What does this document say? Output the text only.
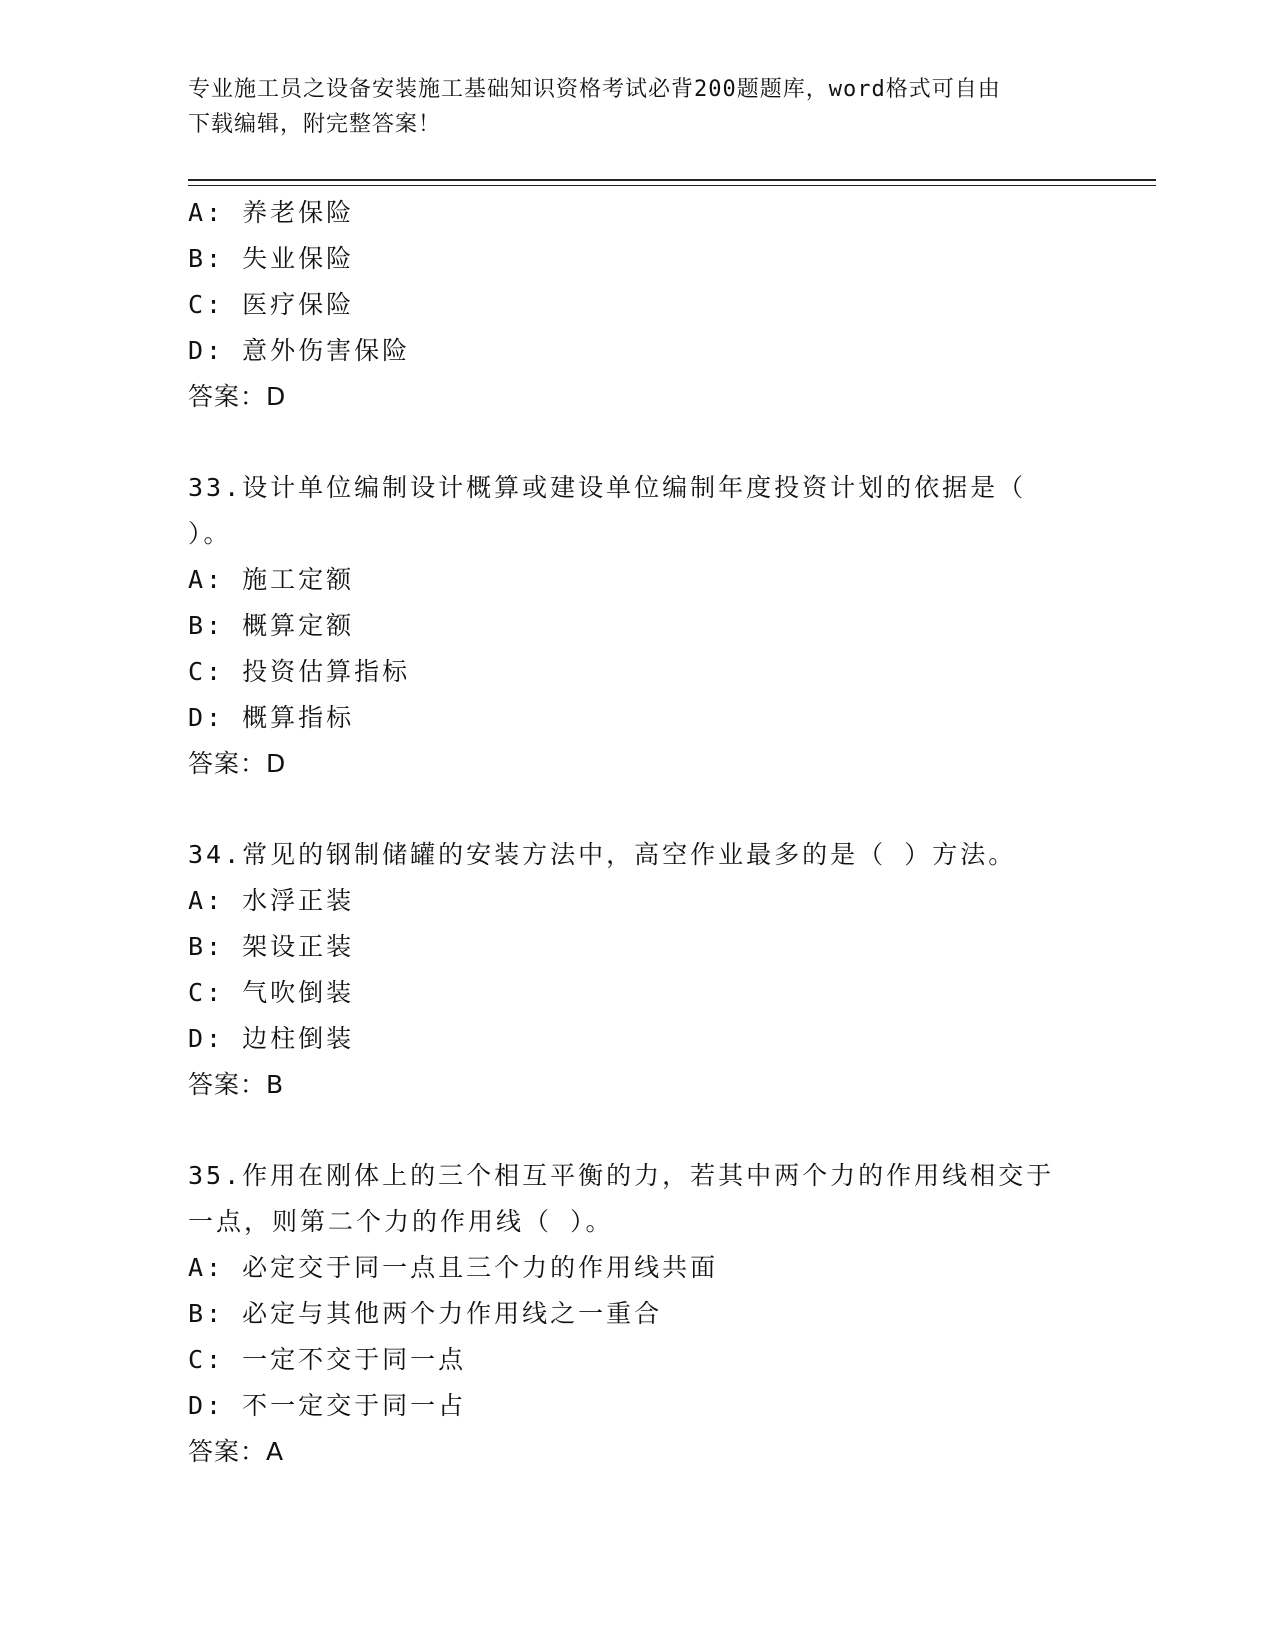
专业施工员之设备安装施工基础知识资格考试必背200题题库，word格式可自由
下载编辑，附完整答案！
A: 养老保险
B: 失业保险
C: 医疗保险
D: 意外伤害保险
答案：D
33.设计单位编制设计概算或建设单位编制年度投资计划的依据是（
）。
A: 施工定额
B: 概算定额
C: 投资估算指标
D: 概算指标
答案：D
34.常见的钢制储罐的安装方法中，高空作业最多的是（ ）方法。
A: 水浮正装
B: 架设正装
C: 气吹倒装
D: 边柱倒装
答案：B
35.作用在刚体上的三个相互平衡的力，若其中两个力的作用线相交于
一点，则第二个力的作用线（ ）。
A: 必定交于同一点且三个力的作用线共面
B: 必定与其他两个力作用线之一重合
C: 一定不交于同一点
D: 不一定交于同一占
答案：A
